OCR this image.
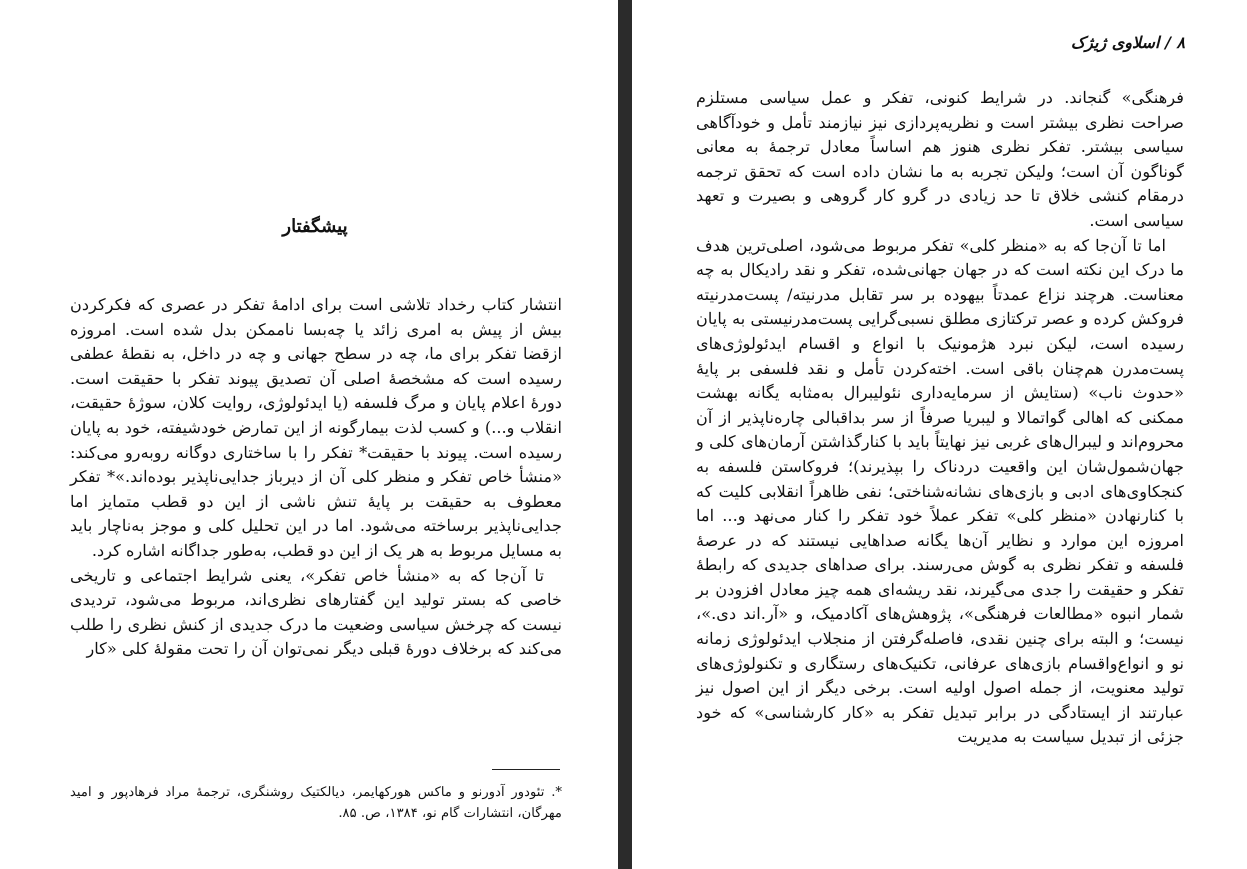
۸ / اسلاوی ژیژک

فرهنگی» گنجاند. در شرایط کنونی، تفکر و عمل سیاسی مستلزم صراحت نظری بیشتر است و نظریه‌پردازی نیز نیازمند تأمل و خودآگاهی سیاسی بیشتر. تفکر نظری هنوز هم اساساً معادل ترجمهٔ به معانی گوناگون آن است؛ ولیکن تجربه به ما نشان داده است که تحقق ترجمه درمقام کنشی خلاق تا حد زیادی در گرو کار گروهی و بصیرت و تعهد سیاسی است.

اما تا آن‌جا که به «منظر کلی» تفکر مربوط می‌شود، اصلی‌ترین هدف ما درک این نکته است که در جهان جهانی‌شده، تفکر و نقد رادیکال به چه معناست. هرچند نزاع عمدتاً بیهوده بر سر تقابل مدرنیته/ پست‌مدرنیته فروکش کرده و عصر ترکتازی مطلق نسبی‌گرایی پست‌مدرنیستی به پایان رسیده است، لیکن نبرد هژمونیک با انواع و اقسام ایدئولوژی‌های پست‌مدرن هم‌چنان باقی است. اخته‌کردن تأمل و نقد فلسفی بر پایهٔ «حدوث ناب» (ستایش از سرمایه‌داری نئولیبرال به‌مثابه یگانه بهشت ممکنی که اهالی گواتمالا و لیبریا صرفاً از سر بداقبالی چاره‌ناپذیر از آن محروم‌اند و لیبرال‌های غربی نیز نهایتاً باید با کنارگذاشتن آرمان‌های کلی و جهان‌شمول‌شان این واقعیت دردناک را بپذیرند)؛ فروکاستن فلسفه به کنجکاوی‌های ادبی و بازی‌های نشانه‌شناختی؛ نفی ظاهراً انقلابی کلیت که با کنارنهادن «منظر کلی» تفکر عملاً خود تفکر را کنار می‌نهد و... اما امروزه این موارد و نظایر آن‌ها یگانه صداهایی نیستند که در عرصهٔ فلسفه و تفکر نظری به گوش می‌رسند. برای صداهای جدیدی که رابطهٔ تفکر و حقیقت را جدی می‌گیرند، نقد ریشه‌ای همه چیز معادل افزودن بر شمار انبوه «مطالعات فرهنگی»، پژوهش‌های آکادمیک، و «آر.اند دی.»، نیست؛ و البته برای چنین نقدی، فاصله‌گرفتن از منجلاب ایدئولوژی زمانه نو و انواع‌واقسام بازی‌های عرفانی، تکنیک‌های رستگاری و تکنولوژی‌های تولید معنویت، از جمله اصول اولیه است. برخی دیگر از این اصول نیز عبارتند از ایستادگی در برابر تبدیل تفکر به «کار کارشناسی» که خود جزئی از تبدیل سیاست به مدیریت

پیشگفتار

انتشار کتاب رخداد تلاشی است برای ادامهٔ تفکر در عصری که فکرکردن بیش از پیش به امری زائد یا چه‌بسا ناممکن بدل شده است. امروزه ازقضا تفکر برای ما، چه در سطح جهانی و چه در داخل، به نقطهٔ عطفی رسیده است که مشخصهٔ اصلی آن تصدیق پیوند تفکر با حقیقت است. دورهٔ اعلام پایان و مرگ فلسفه (یا ایدئولوژی، روایت کلان، سوژهٔ حقیقت، انقلاب و...) و کسب لذت بیمارگونه از این تمارض خودشیفته، خود به پایان رسیده است. پیوند با حقیقت* تفکر را با ساختاری دوگانه روبه‌رو می‌کند: «منشأ خاص تفکر و منظر کلی آن از دیرباز جدایی‌ناپذیر بوده‌اند.»* تفکر معطوف به حقیقت بر پایهٔ تنش ناشی از این دو قطب متمایز اما جدایی‌ناپذیر برساخته می‌شود. اما در این تحلیل کلی و موجز به‌ناچار باید به مسایل مربوط به هر یک از این دو قطب، به‌طور جداگانه اشاره کرد.

تا آن‌جا که به «منشأ خاص تفکر»، یعنی شرایط اجتماعی و تاریخی خاصی که بستر تولید این گفتارهای نظری‌اند، مربوط می‌شود، تردیدی نیست که چرخش سیاسی وضعیت ما درک جدیدی از کنش نظری را طلب می‌کند که برخلاف دورهٔ قبلی دیگر نمی‌توان آن را تحت مقولهٔ کلی «کار

*. تئودور آدورنو و ماکس هورکهایمر، دیالکتیک روشنگری، ترجمهٔ مراد فرهادپور و امید مهرگان، انتشارات گام نو، ۱۳۸۴، ص. ۸۵.
